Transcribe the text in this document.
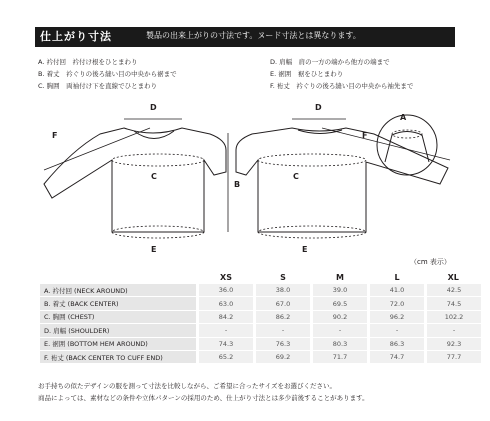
仕上がり寸法	製品の出来上がりの寸法です。ヌード寸法とは異なります。
A. 衿付回　衿付け根をひとまわり
B. 着丈　衿ぐりの後ろ縫い目の中央から裾まで
C. 胸囲　両袖付け下を直線でひとまわり
D. 肩幅　肩の一方の端から他方の端まで
E. 裾囲　裾をひとまわり
F. 裄丈　衿ぐりの後ろ縫い目の中央から袖先まで
D	D
F	F
A
C	C
B
E	E
（cm 表示）
	XS	S	M	L	XL
A. 衿付回 (NECK AROUND)	36.0	38.0	39.0	41.0	42.5
B. 着丈 (BACK CENTER)	63.0	67.0	69.5	72.0	74.5
C. 胸囲 (CHEST)	84.2	86.2	90.2	96.2	102.2
D. 肩幅 (SHOULDER)	-	-	-	-	-
E. 裾囲 (BOTTOM HEM AROUND)	74.3	76.3	80.3	86.3	92.3
F. 裄丈 (BACK CENTER TO CUFF END)	65.2	69.2	71.7	74.7	77.7
お手持ちの似たデザインの服を測って寸法を比較しながら、ご希望に合ったサイズをお選びください。
商品によっては、素材などの条件や立体パターンの採用のため、仕上がり寸法とは多少前後することがあります。
